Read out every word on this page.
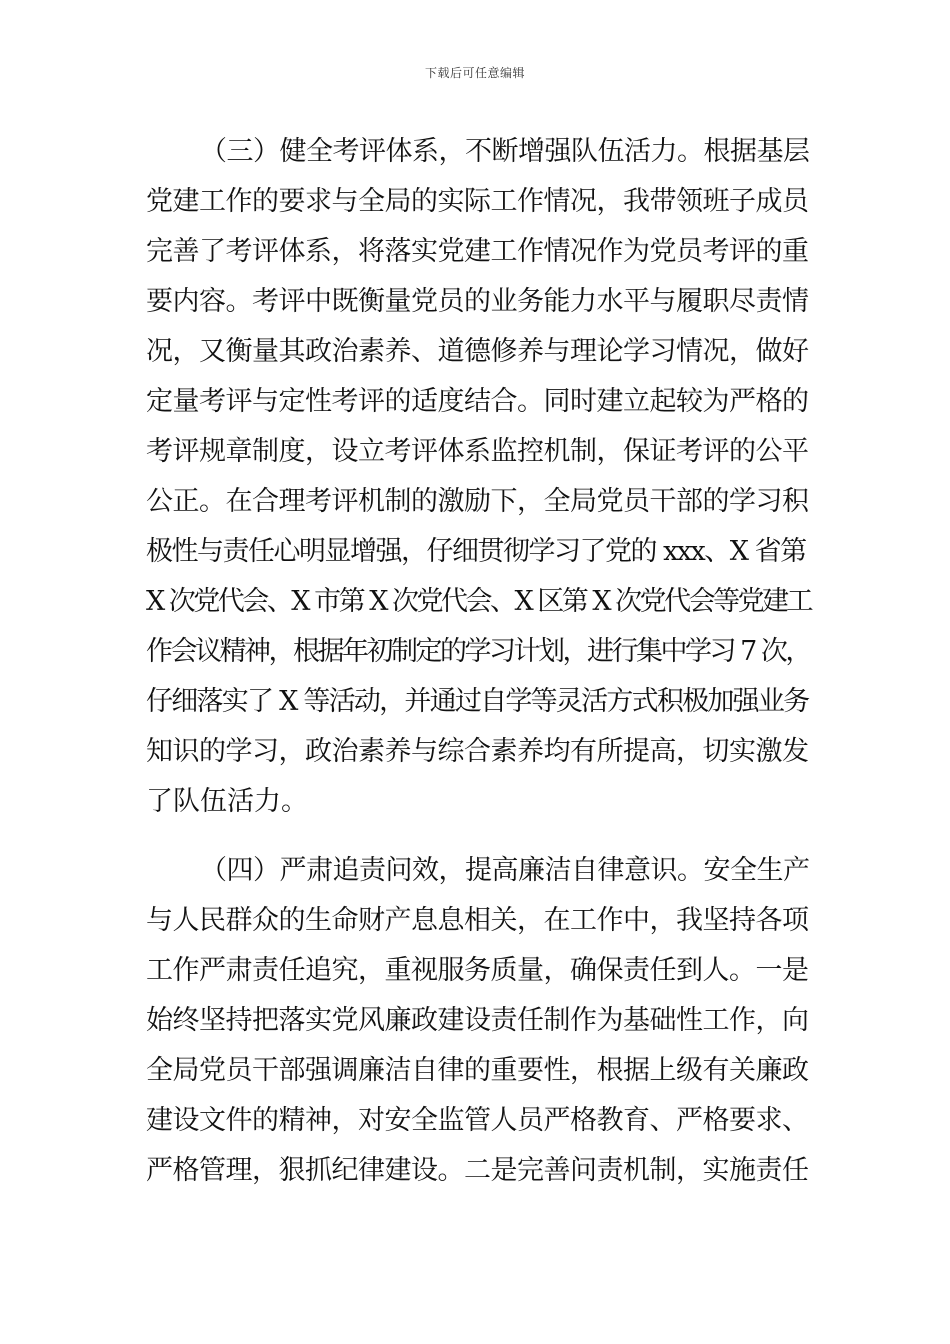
下载后可任意编辑
（三）健全考评体系，不断增强队伍活力。根据基层
党建工作的要求与全局的实际工作情况，我带领班子成员
完善了考评体系，将落实党建工作情况作为党员考评的重
要内容。考评中既衡量党员的业务能力水平与履职尽责情
况，又衡量其政治素养、道德修养与理论学习情况，做好
定量考评与定性考评的适度结合。同时建立起较为严格的
考评规章制度，设立考评体系监控机制，保证考评的公平
公正。在合理考评机制的激励下，全局党员干部的学习积
极性与责任心明显增强，仔细贯彻学习了党的 xxx、X 省第
X 次党代会、X 市第 X 次党代会、X 区第 X 次党代会等党建工
作会议精神，根据年初制定的学习计划，进行集中学习 7 次，
仔细落实了 X 等活动，并通过自学等灵活方式积极加强业务
知识的学习，政治素养与综合素养均有所提高，切实激发
了队伍活力。
（四）严肃追责问效，提高廉洁自律意识。安全生产
与人民群众的生命财产息息相关，在工作中，我坚持各项
工作严肃责任追究，重视服务质量，确保责任到人。一是
始终坚持把落实党风廉政建设责任制作为基础性工作，向
全局党员干部强调廉洁自律的重要性，根据上级有关廉政
建设文件的精神，对安全监管人员严格教育、严格要求、
严格管理，狠抓纪律建设。二是完善问责机制，实施责任
